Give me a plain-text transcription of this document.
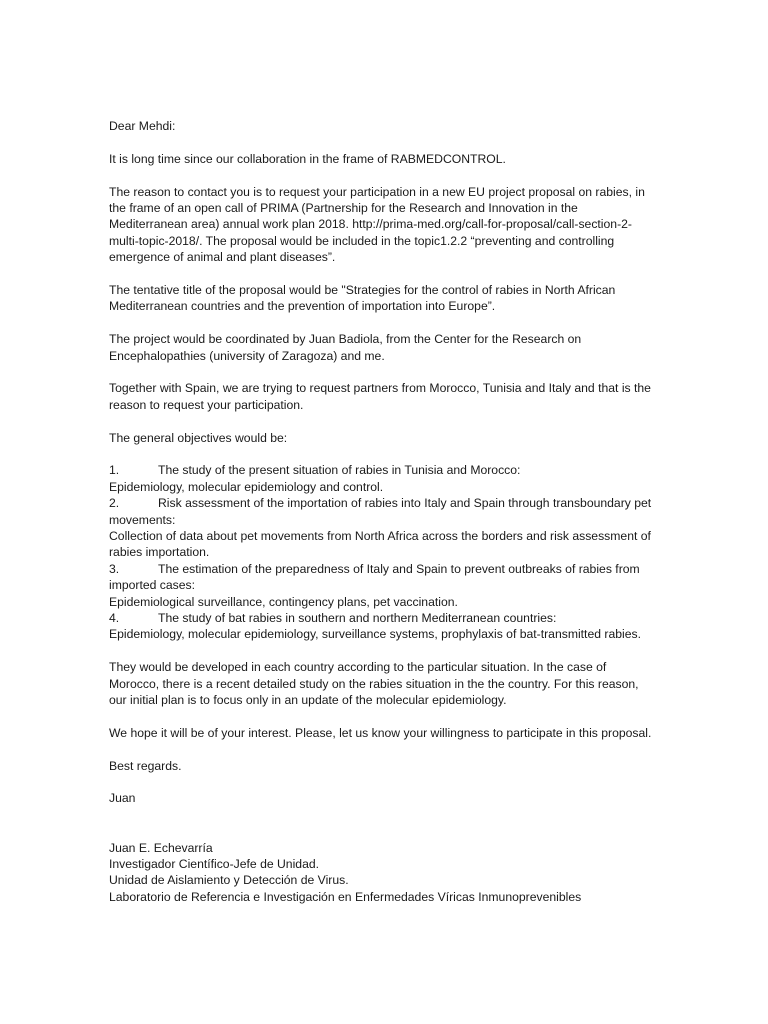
Dear Mehdi:

It is long time since our collaboration in the frame of RABMEDCONTROL.

The reason to contact you is to request your participation in a new EU project proposal on rabies, in the frame of an open call of PRIMA (Partnership for the Research and Innovation in the Mediterranean area) annual work plan 2018. http://prima-med.org/call-for-proposal/call-section-2-multi-topic-2018/. The proposal would be included in the topic1.2.2 “preventing and controlling emergence of animal and plant diseases”.

The tentative title of the proposal would be "Strategies for the control of rabies in North African Mediterranean countries and the prevention of importation into Europe”.

The project would be coordinated by Juan Badiola, from the Center for the Research on Encephalopathies (university of Zaragoza) and me.

Together with Spain, we are trying to request partners from Morocco, Tunisia and Italy and that is the reason to request your participation.

The general objectives would be:

1.	The study of the present situation of rabies in Tunisia and Morocco:

Epidemiology, molecular epidemiology and control.

2.	Risk assessment of the importation of rabies into Italy and Spain through transboundary pet movements:

Collection of data about pet movements from North Africa across the borders and risk assessment of rabies importation.

3.	The estimation of the preparedness of Italy and Spain to prevent outbreaks of rabies from imported cases:

Epidemiological surveillance, contingency plans, pet vaccination.

4.	The study of bat rabies in southern and northern Mediterranean countries:

Epidemiology, molecular epidemiology, surveillance systems, prophylaxis of bat-transmitted rabies.

They would be developed in each country according to the particular situation. In the case of Morocco, there is a recent detailed study on the rabies situation in the the country. For this reason, our initial plan is to focus only in an update of the molecular epidemiology.

We hope it will be of your interest. Please, let us know your willingness to participate in this proposal.

Best regards.

Juan

Juan E. Echevarría

Investigador Científico-Jefe de Unidad.

Unidad de Aislamiento y Detección de Virus.

Laboratorio de Referencia e Investigación en Enfermedades Víricas Inmunoprevenibles
